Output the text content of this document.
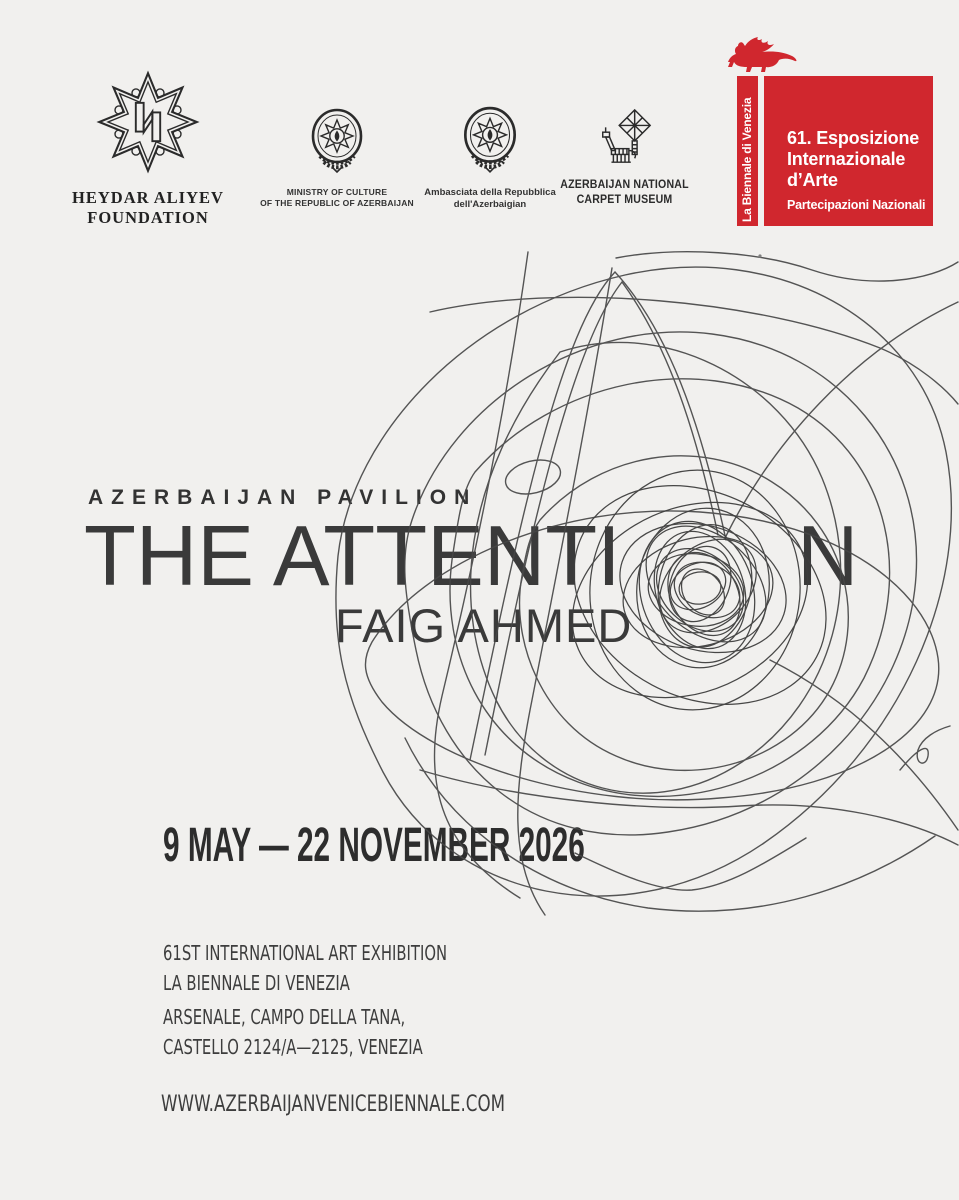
HEYDAR ALIYEV
FOUNDATION
MINISTRY OF CULTURE
OF THE REPUBLIC OF AZERBAIJAN
Ambasciata della Repubblica
dell'Azerbaigian
AZERBAIJAN NATIONAL
CARPET MUSEUM	La Biennale di Venezia 61. Esposizione
Internazionale
d’Arte
Partecipazioni Nazionali
AZERBAIJAN PAVILION
THE ATTENTI N
FAIG AHMED
9 MAY — 22 NOVEMBER 2026
61ST INTERNATIONAL ART EXHIBITION
LA BIENNALE DI VENEZIA
ARSENALE, CAMPO DELLA TANA,
CASTELLO 2124/A—2125, VENEZIA
WWW.AZERBAIJANVENICEBIENNALE.COM
